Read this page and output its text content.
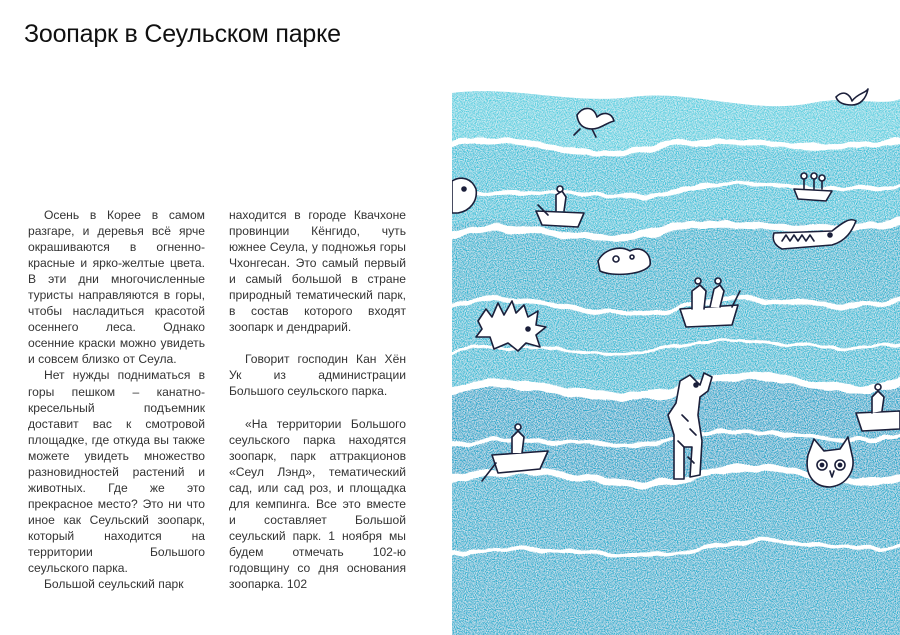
Зоопарк в Сеульском парке

Осень в Корее в самом разгаре, и деревья всё ярче окрашиваются в огненно-красные и ярко-желтые цвета. В эти дни многочисленные туристы направляются в горы, чтобы насладиться красотой осеннего леса. Однако осенние краски можно увидеть и совсем близко от Сеула.

Нет нужды подниматься в горы пешком – канатно-кресельный подъемник доставит вас к смотровой площадке, где откуда вы также можете увидеть множество разновидностей растений и животных. Где же это прекрасное место? Это ни что иное как Сеульский зоопарк, который находится на территории Большого сеульского парка.

Большой сеульский парк

находится в городе Квачхоне провинции Кёнгидо, чуть южнее Сеула, у подножья горы Чхонгесан. Это самый первый и самый большой в стране природный тематический парк, в состав которого входят зоопарк и дендрарий.

Говорит господин Кан Хён Ук из администрации Большого сеульского парка.

«На территории Большого сеульского парка находятся зоопарк, парк аттракционов «Сеул Лэнд», тематический сад, или сад роз, и площадка для кемпинга. Все это вместе и составляет Большой сеульский парк. 1 ноября мы будем отмечать 102-ю годовщину со дня основания зоопарка. 102
